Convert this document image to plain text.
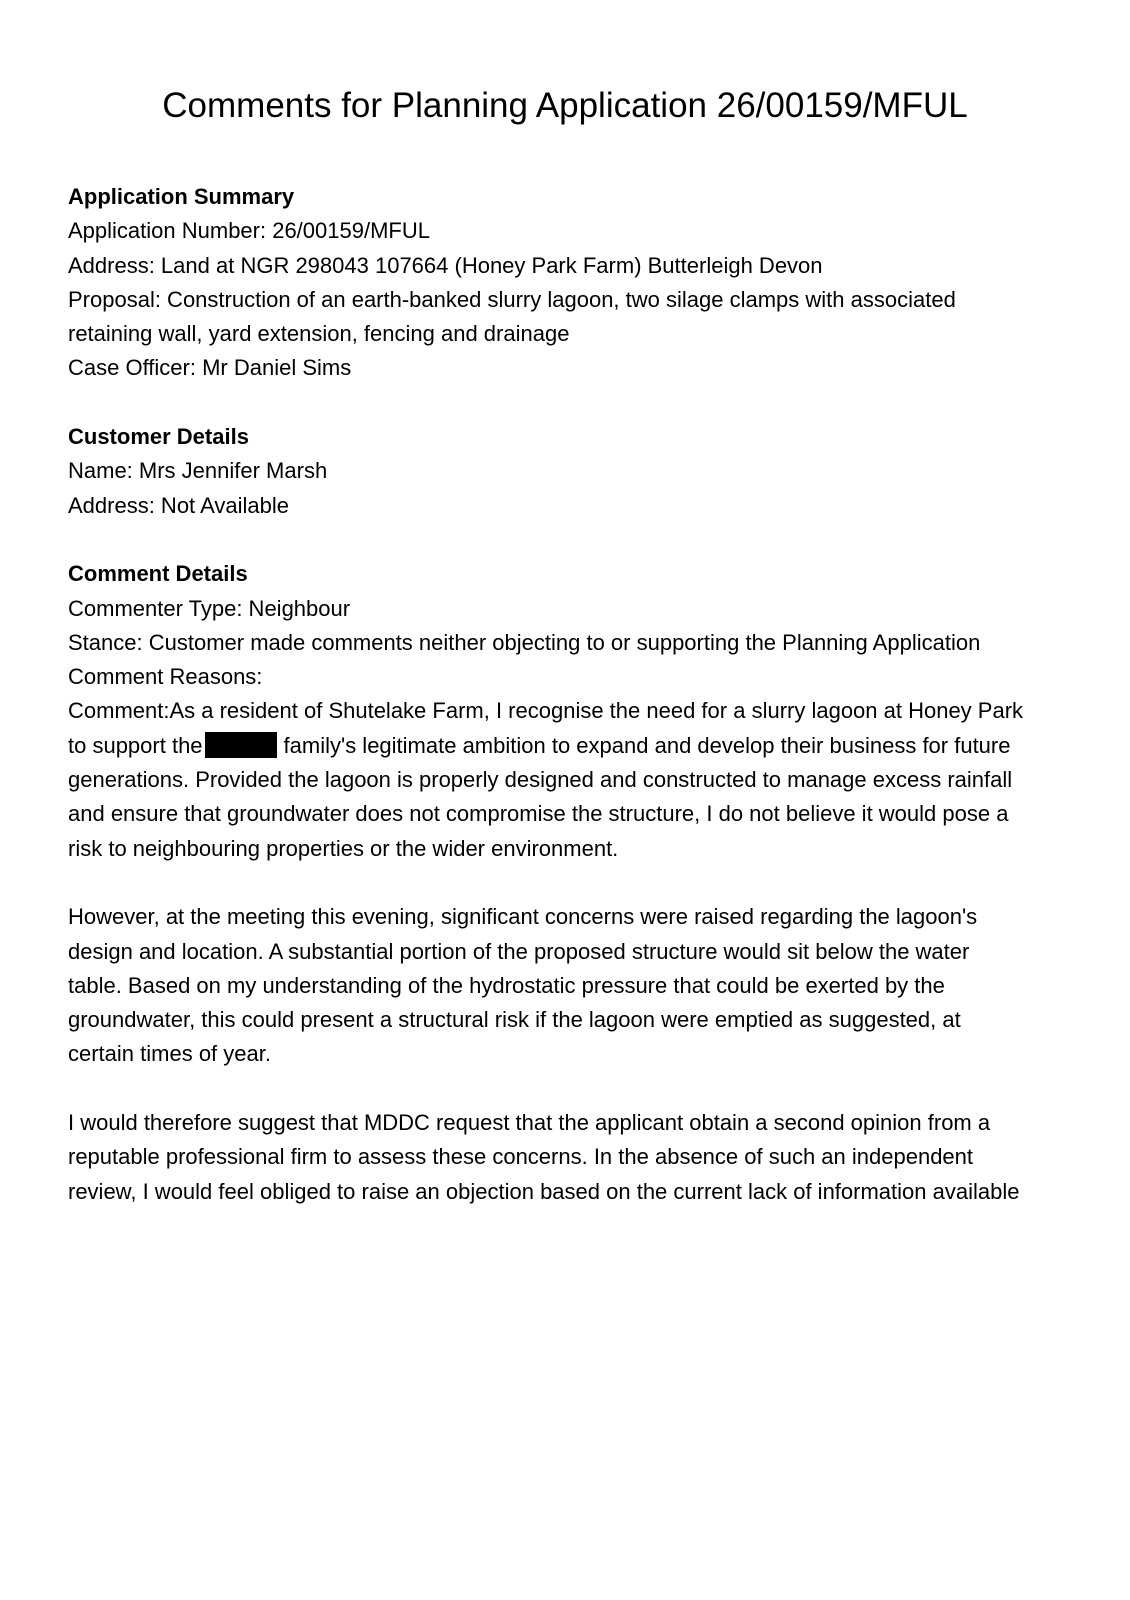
Comments for Planning Application 26/00159/MFUL

Application Summary

Application Number: 26/00159/MFUL

Address: Land at NGR 298043 107664 (Honey Park Farm) Butterleigh Devon

Proposal: Construction of an earth-banked slurry lagoon, two silage clamps with associated

retaining wall, yard extension, fencing and drainage

Case Officer: Mr Daniel Sims

Customer Details

Name: Mrs Jennifer Marsh

Address: Not Available

Comment Details

Commenter Type: Neighbour

Stance: Customer made comments neither objecting to or supporting the Planning Application

Comment Reasons:

Comment:As a resident of Shutelake Farm, I recognise the need for a slurry lagoon at Honey Park

to support the	family's legitimate ambition to expand and develop their business for future

generations. Provided the lagoon is properly designed and constructed to manage excess rainfall

and ensure that groundwater does not compromise the structure, I do not believe it would pose a

risk to neighbouring properties or the wider environment.

However, at the meeting this evening, significant concerns were raised regarding the lagoon's

design and location. A substantial portion of the proposed structure would sit below the water

table. Based on my understanding of the hydrostatic pressure that could be exerted by the

groundwater, this could present a structural risk if the lagoon were emptied as suggested, at

certain times of year.

I would therefore suggest that MDDC request that the applicant obtain a second opinion from a

reputable professional firm to assess these concerns. In the absence of such an independent

review, I would feel obliged to raise an objection based on the current lack of information available
